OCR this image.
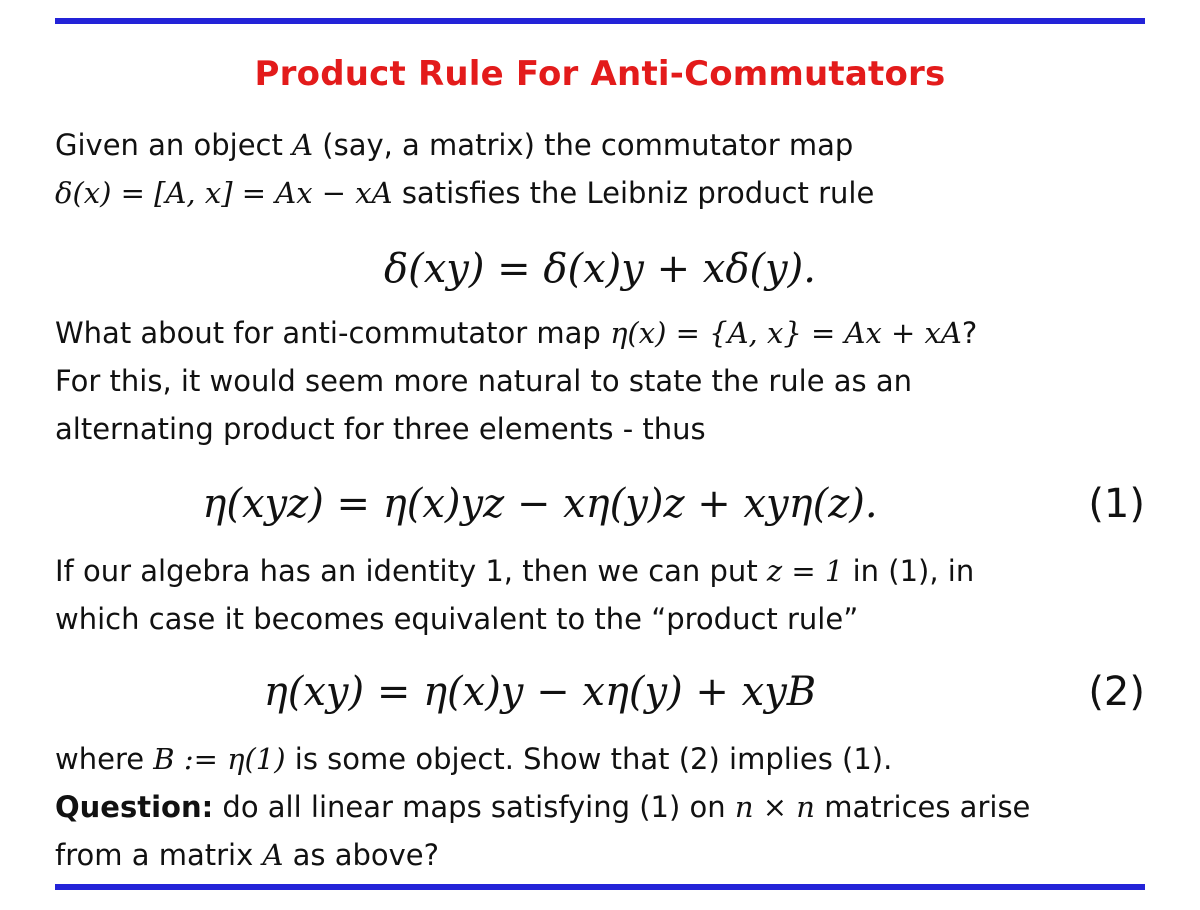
Product Rule For Anti-Commutators
Given an object A (say, a matrix) the commutator map
δ(x) = [A, x] = Ax − xA satisfies the Leibniz product rule
δ(xy) = δ(x)y + xδ(y).
What about for anti-commutator map η(x) = {A, x} = Ax + xA?
For this, it would seem more natural to state the rule as an
alternating product for three elements - thus
η(xyz) = η(x)yz − xη(y)z + xyη(z).	(1)
If our algebra has an identity 1, then we can put z = 1 in (1), in
which case it becomes equivalent to the “product rule”
η(xy) = η(x)y − xη(y) + xyB	(2)
where B := η(1) is some object. Show that (2) implies (1).
Question: do all linear maps satisfying (1) on n × n matrices arise
from a matrix A as above?
